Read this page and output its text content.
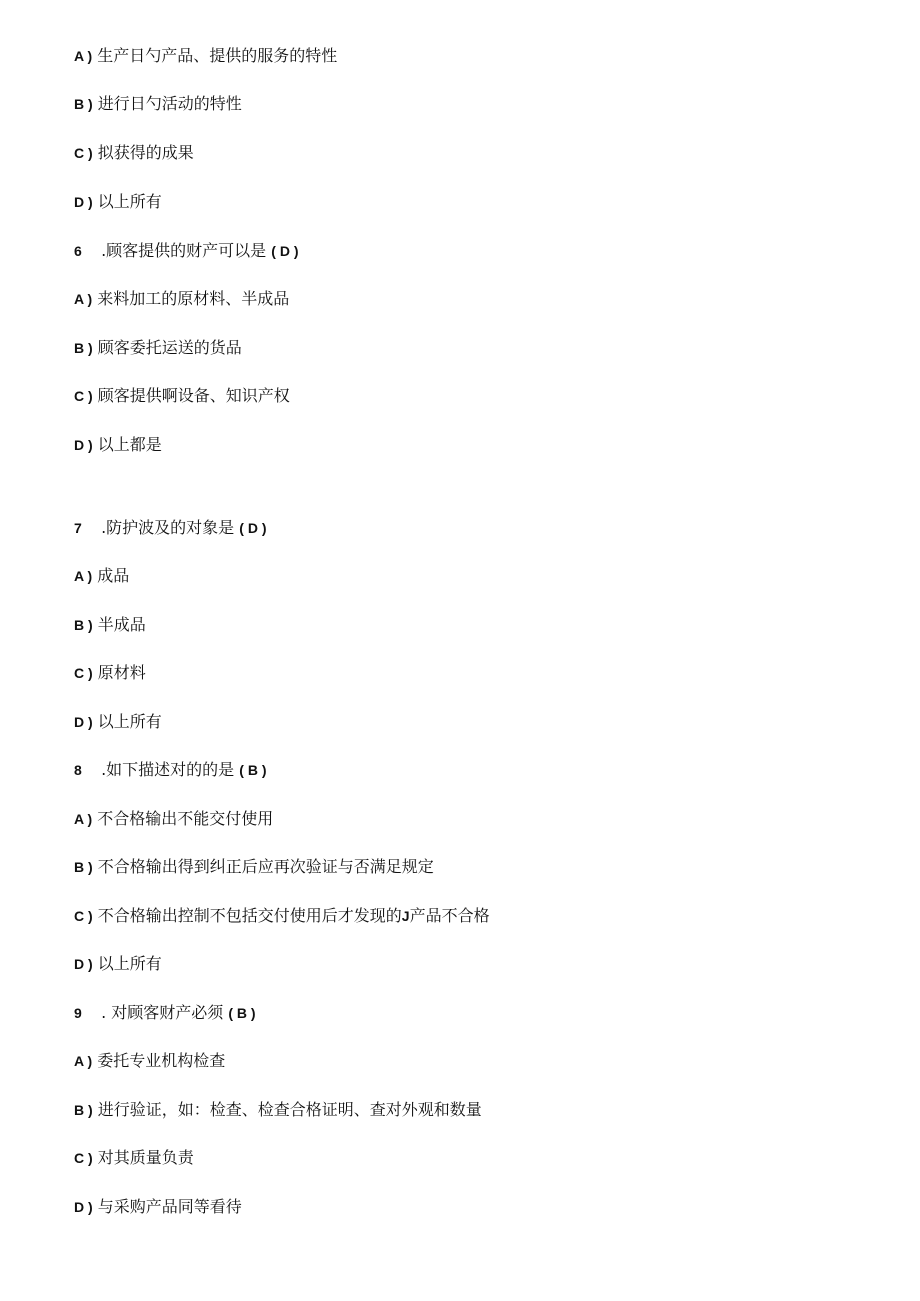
A ) 生产日勺产品、提供的服务的特性
B ) 进行日勺活动的特性
C ) 拟获得的成果
D ) 以上所有
6 .顾客提供的财产可以是 ( D )
A ) 来料加工的原材料、半成品
B ) 顾客委托运送的货品
C ) 顾客提供啊设备、知识产权
D ) 以上都是
7 .防护波及的对象是 ( D )
A ) 成品
B ) 半成品
C ) 原材料
D ) 以上所有
8 .如下描述对的的是 ( B )
A ) 不合格输出不能交付使用
B ) 不合格输出得到纠正后应再次验证与否满足规定
C ) 不合格输出控制不包括交付使用后才发现的J产品不合格
D ) 以上所有
9 . 对顾客财产必须 ( B )
A ) 委托专业机构检查
B ) 进行验证，如：检查、检查合格证明、查对外观和数量
C ) 对其质量负责
D ) 与采购产品同等看待
